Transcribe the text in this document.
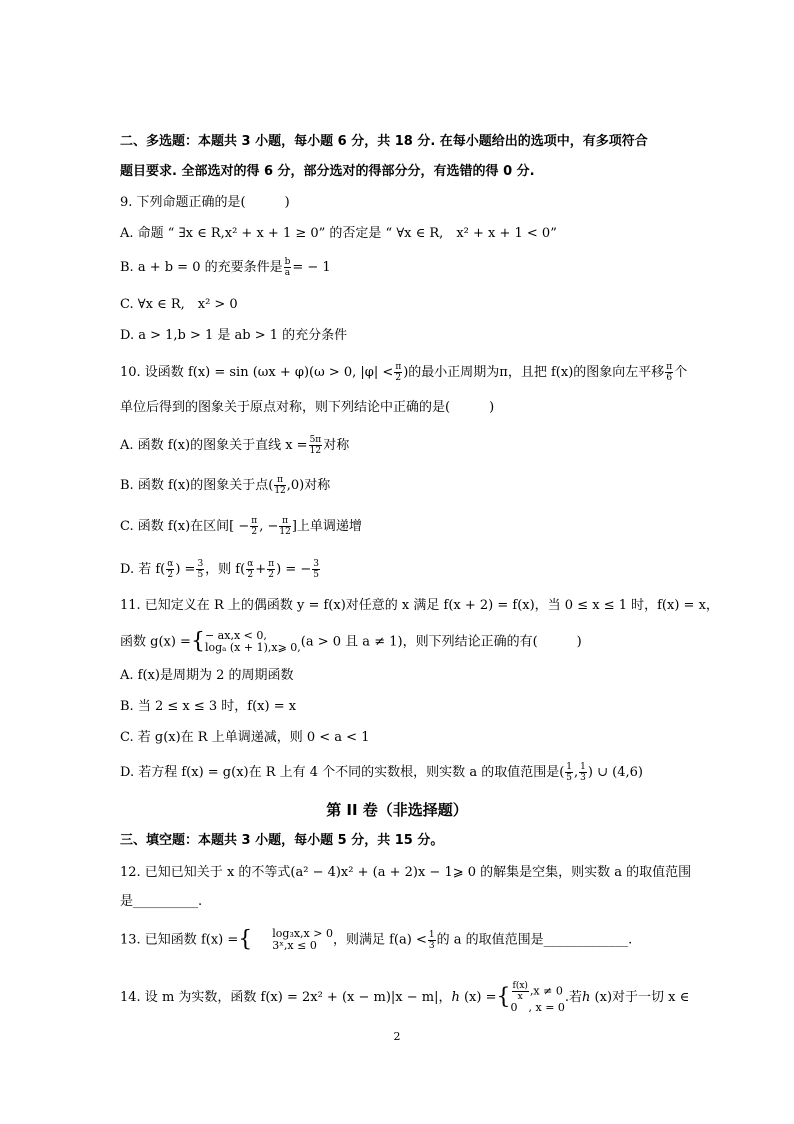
二、多选题：本题共 3 小题，每小题 6 分，共 18 分. 在每小题给出的选项中，有多项符合
题目要求. 全部选对的得 6 分，部分选对的得部分分，有选错的得 0 分.
9. 下列命题正确的是(　　　)
A. 命题 “ ∃x ∈ R,x² + x + 1 ≥ 0” 的否定是 “ ∀x ∈ R,　x² + x + 1 < 0”
B. a + b = 0 的充要条件是 $\frac{b}{a}$ = − 1
C. ∀x ∈ R,　x² > 0
D. a > 1,b > 1 是 ab > 1 的充分条件
10. 设函数 f(x) = sin (ωx + φ)(ω > 0, $|\varphi| < \frac{\pi}{2}$ )的最小正周期为π，且把 f(x)的图象向左平移 $\frac{\pi}{6}$ 个
单位后得到的图象关于原点对称，则下列结论中正确的是(　　　)
A. 函数 f(x)的图象关于直线 $x = \frac{5\pi}{12}$ 对称
B. 函数 f(x)的图象关于点( $\frac{\pi}{12} ,0$)对称
C. 函数 f(x)在区间[ − $\frac{\pi}{2}$ , − $\frac{\pi}{12}$ ]上单调递增
D. 若 $f( \frac{\alpha}{2}$ ) = $\frac{3}{5}$ ，则 $f( \frac{\alpha}{2} + \frac{\pi}{2}$ ) = − $\frac{3}{5}$
11. 已知定义在 R 上的偶函数 y = f(x)对任意的 x 满足 f(x + 2) = f(x)，当 0 ≤ x ≤ 1 时，f(x) = x，
函数 g(x) ={ − ax,x < 0,
logₐ (x + 1),x⩾ 0, (a > 0 且 a ≠ 1)，则下列结论正确的有(　　　)
A. f(x)是周期为 2 的周期函数
B. 当 2 ≤ x ≤ 3 时，f(x) = x
C. 若 g(x)在 R 上单调递减，则 0 < a < 1
D. 若方程 f(x) = g(x)在 R 上有 4 个不同的实数根，则实数 a 的取值范围是( $\frac{1}{5}$ , $\frac{1}{3}$ ) ∪ (4,6)
第 II 卷（非选择题）
三、填空题：本题共 3 小题，每小题 5 分，共 15 分。
12. 已知已知关于 x 的不等式(a² − 4)x² + (a + 2)x − 1⩾ 0 的解集是空集，则实数 a 的取值范围
是__________.
13. 已知函数 f(x) ={ log₃x,x > 0
3ˣ,x ≤ 0	，则满足 $f(a) < \frac{1}{3}$ 的 a 的取值范围是_____________.
14. 设 m 为实数，函数 f(x) = 2x² + (x − m)|x − m|，ℎ (x) ={ $\frac{f(x)}{x} ,x \ne 0$
0　, x = 0
.若ℎ (x)对于一切 x ∈
2
